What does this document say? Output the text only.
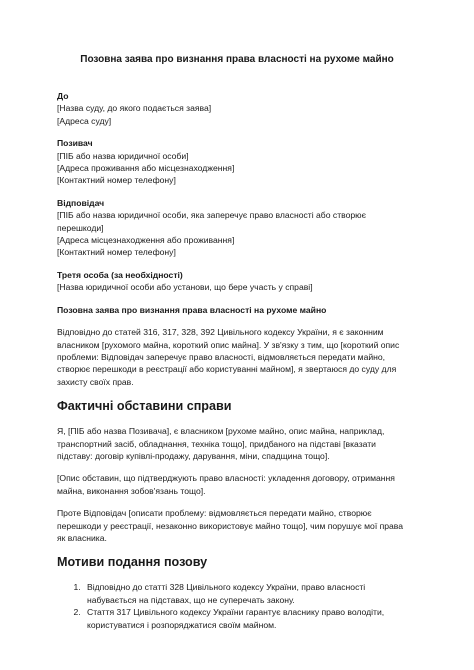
Позовна заява про визнання права власності на рухоме майно
До
[Назва суду, до якого подається заява]
[Адреса суду]
Позивач
[ПІБ або назва юридичної особи]
[Адреса проживання або місцезнаходження]
[Контактний номер телефону]
Відповідач
[ПІБ або назва юридичної особи, яка заперечує право власності або створює
перешкоди]
[Адреса місцезнаходження або проживання]
[Контактний номер телефону]
Третя особа (за необхідності)
[Назва юридичної особи або установи, що бере участь у справі]
Позовна заява про визнання права власності на рухоме майно
Відповідно до статей 316, 317, 328, 392 Цивільного кодексу України, я є законним
власником [рухомого майна, короткий опис майна]. У зв'язку з тим, що [короткий опис
проблеми: Відповідач заперечує право власності, відмовляється передати майно,
створює перешкоди в реєстрації або користуванні майном], я звертаюся до суду для
захисту своїх прав.
Фактичні обставини справи
Я, [ПІБ або назва Позивача], є власником [рухоме майно, опис майна, наприклад,
транспортний засіб, обладнання, техніка тощо], придбаного на підставі [вказати
підставу: договір купівлі-продажу, дарування, міни, спадщина тощо].
[Опис обставин, що підтверджують право власності: укладення договору, отримання
майна, виконання зобов'язань тощо].
Проте Відповідач [описати проблему: відмовляється передати майно, створює
перешкоди у реєстрації, незаконно використовує майно тощо], чим порушує мої права
як власника.
Мотиви подання позову
1. Відповідно до статті 328 Цивільного кодексу України, право власності
набувається на підставах, що не суперечать закону.
2. Стаття 317 Цивільного кодексу України гарантує власнику право володіти,
користуватися і розпоряджатися своїм майном.
